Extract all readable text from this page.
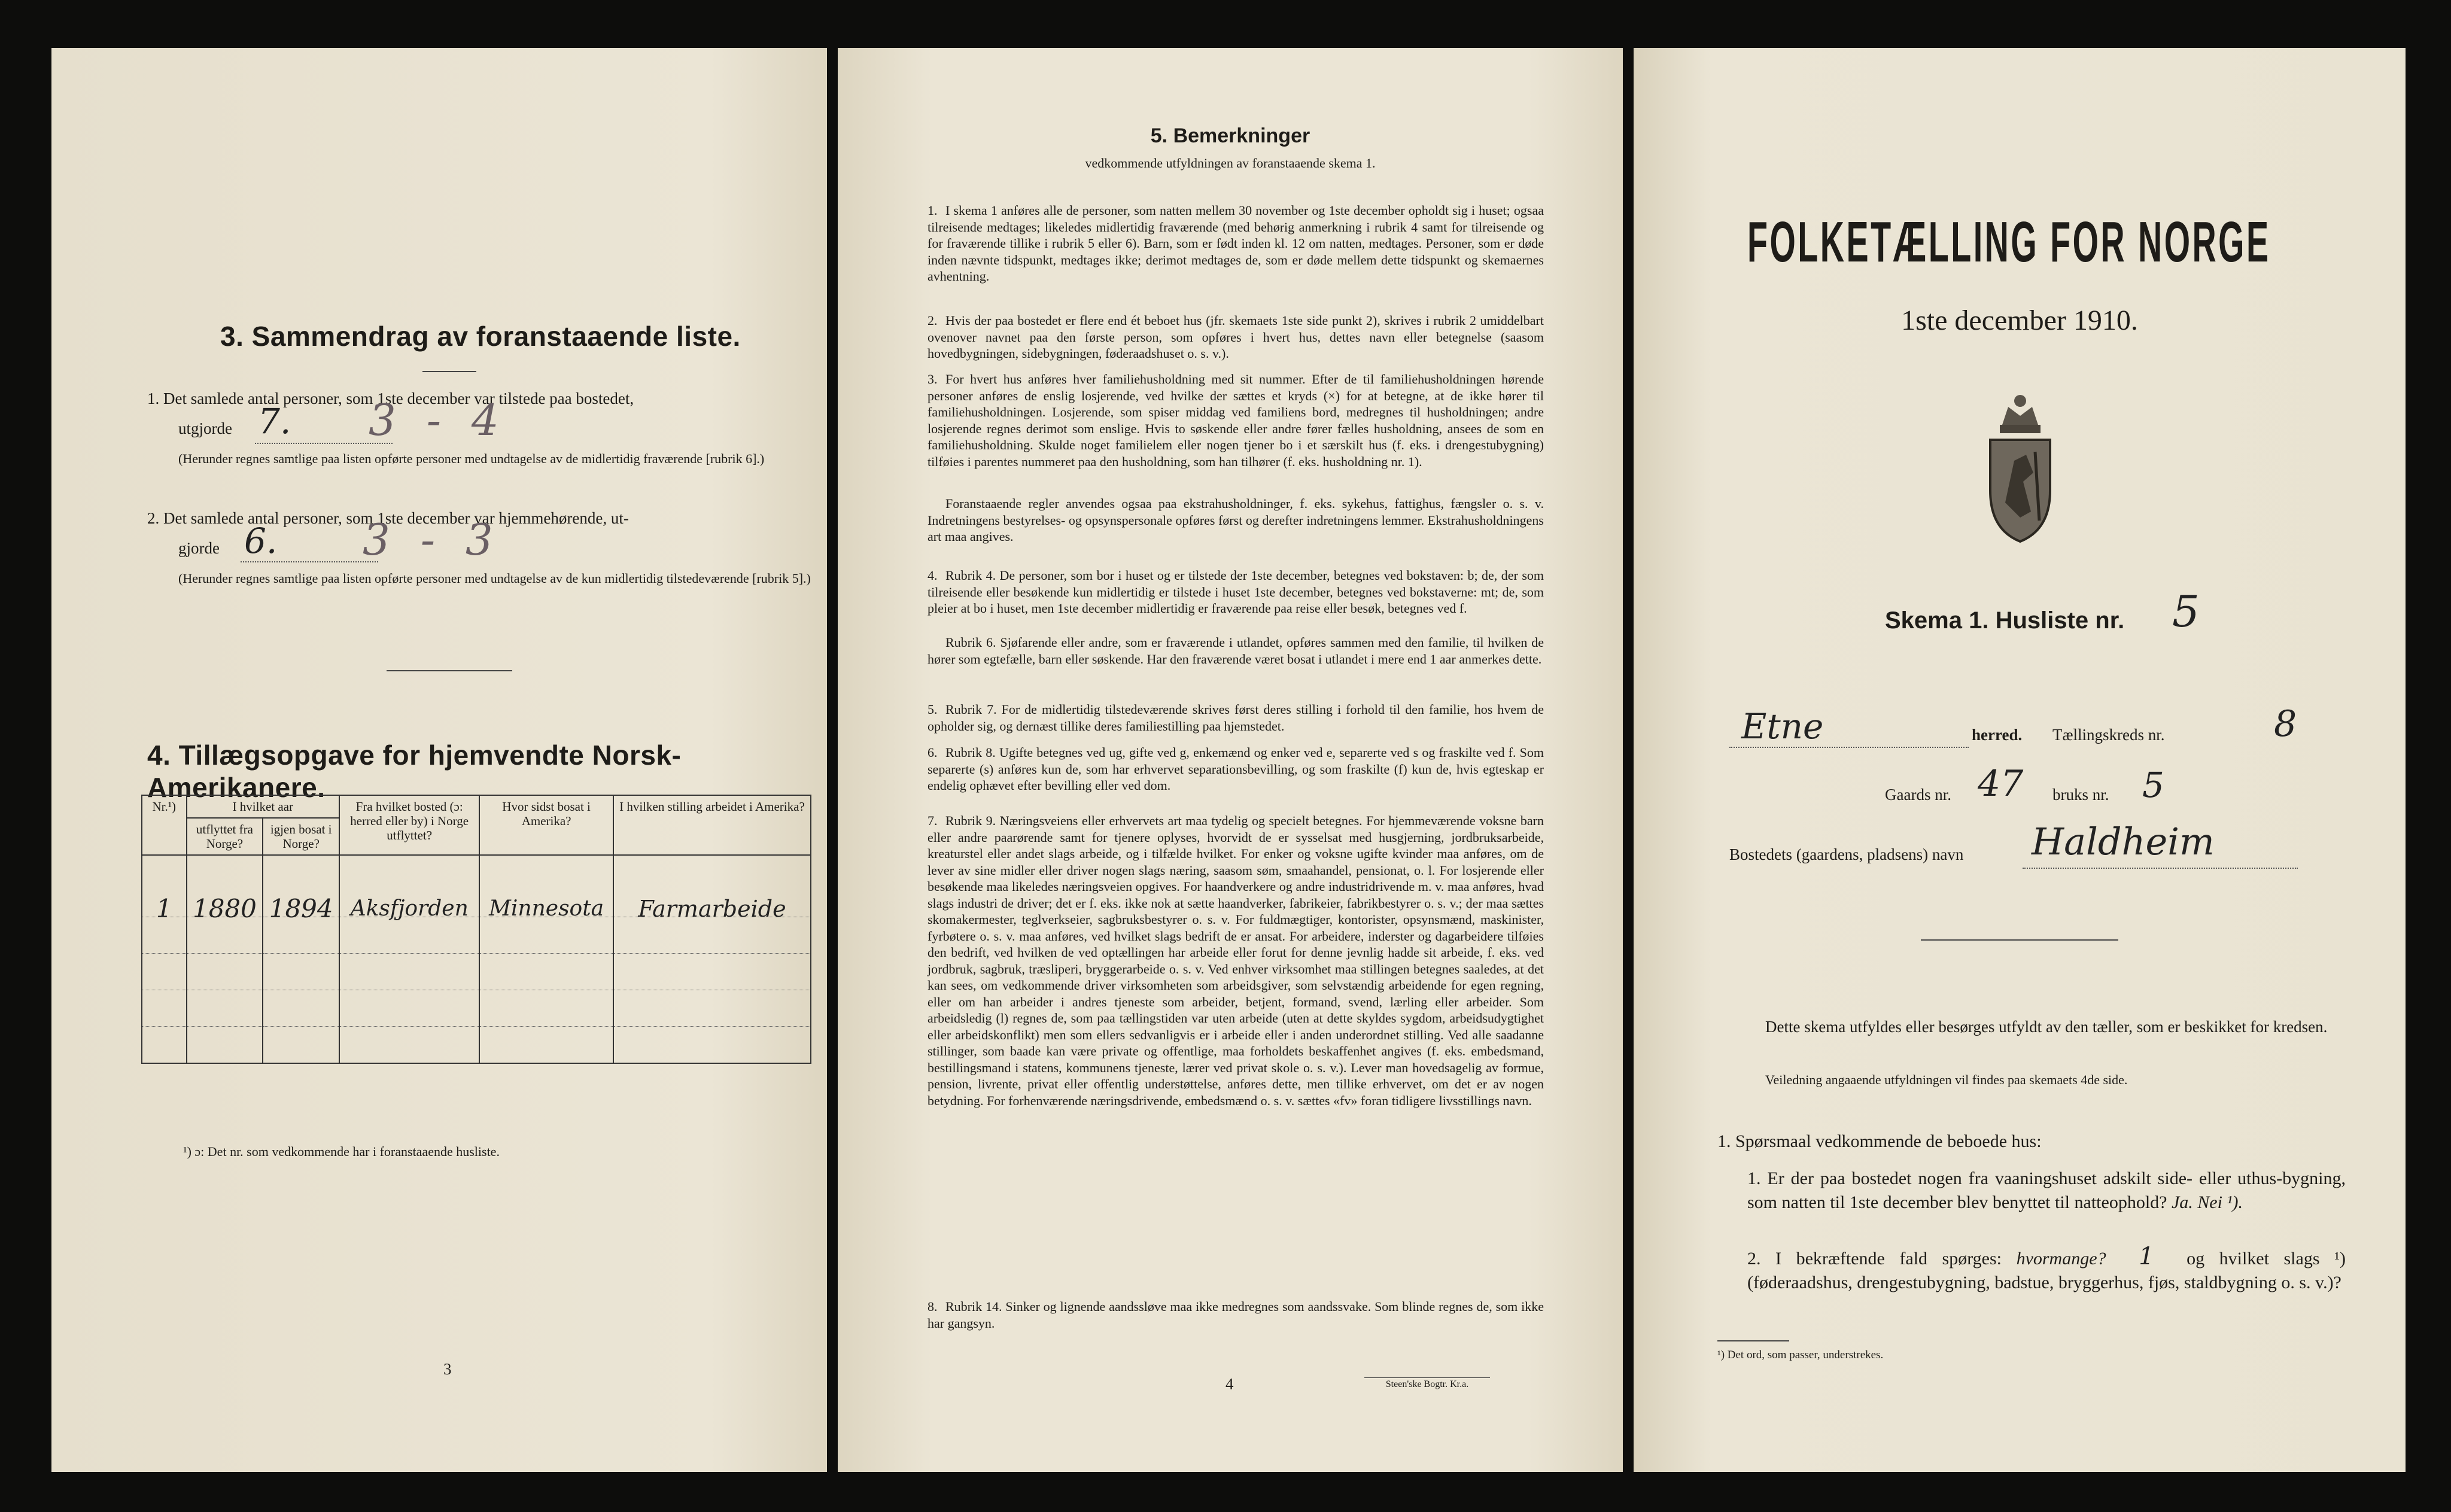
3. Sammendrag av foranstaaende liste.
1. Det samlede antal personer, som 1ste december var tilstede paa bostedet,
utgjorde 7. 3 - 4
(Herunder regnes samtlige paa listen opførte personer med undtagelse av de midlertidig fraværende [rubrik 6].)
2. Det samlede antal personer, som 1ste december var hjemmehørende, ut-
gjorde 6. 3 - 3
(Herunder regnes samtlige paa listen opførte personer med undtagelse av de kun midlertidig tilstedeværende [rubrik 5].)
4. Tillægsopgave for hjemvendte Norsk-Amerikanere.
Nr.¹)	I hvilket aar		Fra hvilket bosted (ɔ: herred eller by) i Norge utflyttet?	Hvor sidst bosat i Amerika?	I hvilken stilling arbeidet i Amerika?
	utflyttet fra Norge?	igjen bosat i Norge?			
1	1880	1894	Aksfjorden	Minnesota	Farmarbeide

¹) ɔ: Det nr. som vedkommende har i foranstaaende husliste.
3
5. Bemerkninger
vedkommende utfyldningen av foranstaaende skema 1.
1. I skema 1 anføres alle de personer, som natten mellem 30 november og 1ste december opholdt sig i huset; ogsaa tilreisende medtages; likeledes midlertidig fraværende (med behørig anmerkning i rubrik 4 samt for tilreisende og for fraværende tillike i rubrik 5 eller 6). Barn, som er født inden kl. 12 om natten, medtages. Personer, som er døde inden nævnte tidspunkt, medtages ikke; derimot medtages de, som er døde mellem dette tidspunkt og skemaernes avhentning.
2. Hvis der paa bostedet er flere end ét beboet hus (jfr. skemaets 1ste side punkt 2), skrives i rubrik 2 umiddelbart ovenover navnet paa den første person, som opføres i hvert hus, dettes navn eller betegnelse (saasom hovedbygningen, sidebygningen, føderaadshuset o. s. v.).
3. For hvert hus anføres hver familiehusholdning med sit nummer. Efter de til familiehusholdningen hørende personer anføres de enslig losjerende, ved hvilke der sættes et kryds (×) for at betegne, at de ikke hører til familiehusholdningen. Losjerende, som spiser middag ved familiens bord, medregnes til husholdningen; andre losjerende regnes derimot som enslige. Hvis to søskende eller andre fører fælles husholdning, ansees de som en familiehusholdning. Skulde noget familielem eller nogen tjener bo i et særskilt hus (f. eks. i drengestubygning) tilføies i parentes nummeret paa den husholdning, som han tilhører (f. eks. husholdning nr. 1).
Foranstaaende regler anvendes ogsaa paa ekstrahusholdninger, f. eks. sykehus, fattighus, fængsler o. s. v. Indretningens bestyrelses- og opsynspersonale opføres først og derefter indretningens lemmer. Ekstrahusholdningens art maa angives.
4. Rubrik 4. De personer, som bor i huset og er tilstede der 1ste december, betegnes ved bokstaven: b; de, der som tilreisende eller besøkende kun midlertidig er tilstede i huset 1ste december, betegnes ved bokstaverne: mt; de, som pleier at bo i huset, men 1ste december midlertidig er fraværende paa reise eller besøk, betegnes ved f.
Rubrik 6. Sjøfarende eller andre, som er fraværende i utlandet, opføres sammen med den familie, til hvilken de hører som egtefælle, barn eller søskende. Har den fraværende været bosat i utlandet i mere end 1 aar anmerkes dette.
5. Rubrik 7. For de midlertidig tilstedeværende skrives først deres stilling i forhold til den familie, hos hvem de opholder sig, og dernæst tillike deres familiestilling paa hjemstedet.
6. Rubrik 8. Ugifte betegnes ved ug, gifte ved g, enkemænd og enker ved e, separerte ved s og fraskilte ved f. Som separerte (s) anføres kun de, som har erhvervet separationsbevilling, og som fraskilte (f) kun de, hvis egteskap er endelig ophævet efter bevilling eller ved dom.
7. Rubrik 9. Næringsveiens eller erhvervets art maa tydelig og specielt betegnes. For hjemmeværende voksne barn eller andre paarørende samt for tjenere oplyses, hvorvidt de er sysselsat med husgjerning, jordbruksarbeide, kreaturstel eller andet slags arbeide, og i tilfælde hvilket. For enker og voksne ugifte kvinder maa anføres, om de lever av sine midler eller driver nogen slags næring, saasom søm, smaahandel, pensionat, o. l. For losjerende eller besøkende maa likeledes næringsveien opgives. For haandverkere og andre industridrivende m. v. maa anføres, hvad slags industri de driver; det er f. eks. ikke nok at sætte haandverker, fabrikeier, fabrikbestyrer o. s. v.; der maa sættes skomakermester, teglverkseier, sagbruksbestyrer o. s. v. For fuldmægtiger, kontorister, opsynsmænd, maskinister, fyrbøtere o. s. v. maa anføres, ved hvilket slags bedrift de er ansat. For arbeidere, inderster og dagarbeidere tilføies den bedrift, ved hvilken de ved optællingen har arbeide eller forut for denne jevnlig hadde sit arbeide, f. eks. ved jordbruk, sagbruk, træsliperi, bryggerarbeide o. s. v. Ved enhver virksomhet maa stillingen betegnes saaledes, at det kan sees, om vedkommende driver virksomheten som arbeidsgiver, som selvstændig arbeidende for egen regning, eller om han arbeider i andres tjeneste som arbeider, betjent, formand, svend, lærling eller arbeider. Som arbeidsledig (l) regnes de, som paa tællingstiden var uten arbeide (uten at dette skyldes sygdom, arbeidsudygtighet eller arbeidskonflikt) men som ellers sedvanligvis er i arbeide eller i anden underordnet stilling. Ved alle saadanne stillinger, som baade kan være private og offentlige, maa forholdets beskaffenhet angives (f. eks. embedsmand, bestillingsmand i statens, kommunens tjeneste, lærer ved privat skole o. s. v.). Lever man hovedsagelig av formue, pension, livrente, privat eller offentlig understøttelse, anføres dette, men tillike erhvervet, om det er av nogen betydning. For forhenværende næringsdrivende, embedsmænd o. s. v. sættes «fv» foran tidligere livsstillings navn.
8. Rubrik 14. Sinker og lignende aandssløve maa ikke medregnes som aandssvake. Som blinde regnes de, som ikke har gangsyn.
4	Steen'ske Bogtr. Kr.a.
FOLKETÆLLING FOR NORGE
1ste december 1910.
Skema 1. Husliste nr. 5
Etne	herred. Tællingskreds nr.	8
Gaards nr. 47 bruks nr. 5
Bostedets (gaardens, pladsens) navn Haldheim
Dette skema utfyldes eller besørges utfyldt av den tæller, som er beskikket for kredsen.
Veiledning angaaende utfyldningen vil findes paa skemaets 4de side.
1. Spørsmaal vedkommende de beboede hus:
1. Er der paa bostedet nogen fra vaaningshuset adskilt side- eller uthus-bygning, som natten til 1ste december blev benyttet til natteophold? Ja. Nei ¹).
2. I bekræftende fald spørges: hvormange? 1 og hvilket slags ¹) (føderaadshus, drengestubygning, badstue, bryggerhus, fjøs, staldbygning o. s. v.)?
¹) Det ord, som passer, understrekes.
